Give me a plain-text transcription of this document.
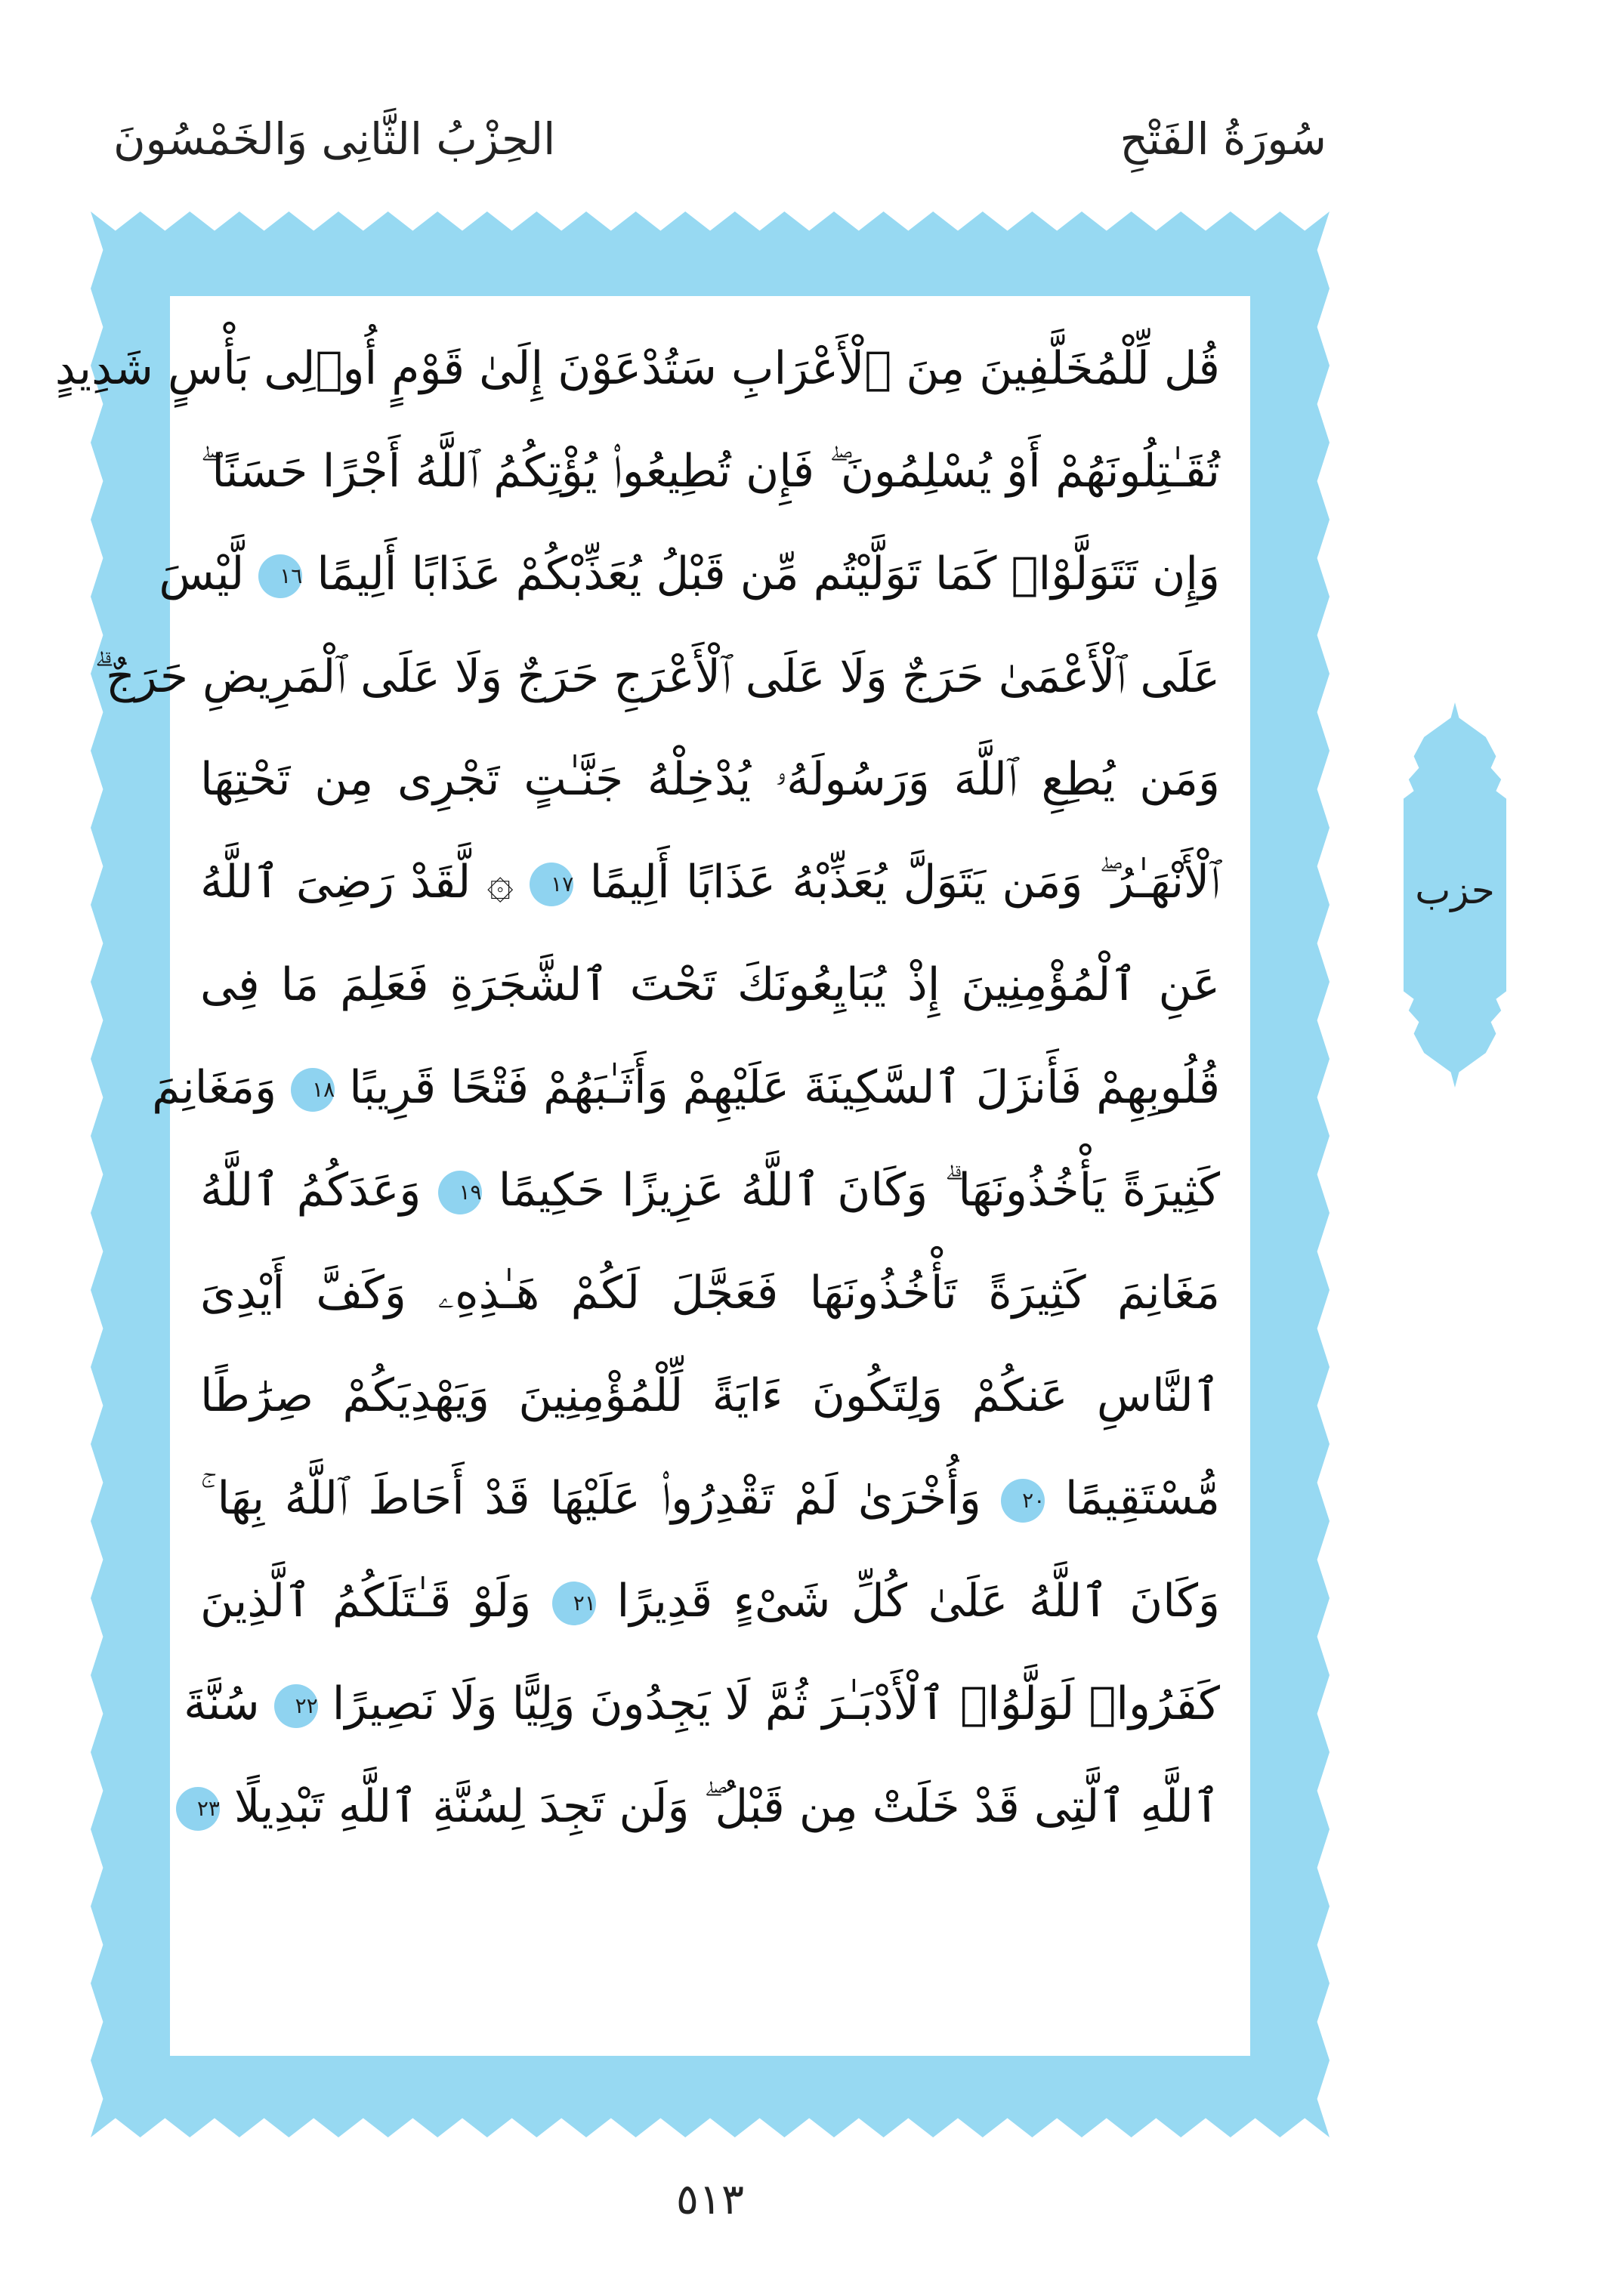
سُورَةُ الفَتْحِ
الحِزْبُ الثَّانِى وَالخَمْسُونَ
قُل لِّلْمُخَلَّفِينَ مِنَ ٱلْأَعْرَابِ سَتُدْعَوْنَ إِلَىٰ قَوْمٍ أُو۟لِى بَأْسٍ شَدِيدٍ
تُقَـٰتِلُونَهُمْ أَوْ يُسْلِمُونَ ۖ فَإِن تُطِيعُوا۟ يُؤْتِكُمُ ٱللَّهُ أَجْرًا حَسَنًا ۖ
وَإِن تَتَوَلَّوْا۟ كَمَا تَوَلَّيْتُم مِّن قَبْلُ يُعَذِّبْكُمْ عَذَابًا أَلِيمًا ١٦ لَّيْسَ
عَلَى ٱلْأَعْمَىٰ حَرَجٌ وَلَا عَلَى ٱلْأَعْرَجِ حَرَجٌ وَلَا عَلَى ٱلْمَرِيضِ حَرَجٌ ۗ
وَمَن يُطِعِ ٱللَّهَ وَرَسُولَهُۥ يُدْخِلْهُ جَنَّـٰتٍ تَجْرِى مِن تَحْتِهَا
ٱلْأَنْهَـٰرُ ۖ وَمَن يَتَوَلَّ يُعَذِّبْهُ عَذَابًا أَلِيمًا ١٧ ۞ لَّقَدْ رَضِىَ ٱللَّهُ
عَنِ ٱلْمُؤْمِنِينَ إِذْ يُبَايِعُونَكَ تَحْتَ ٱلشَّجَرَةِ فَعَلِمَ مَا فِى
قُلُوبِهِمْ فَأَنزَلَ ٱلسَّكِينَةَ عَلَيْهِمْ وَأَثَـٰبَهُمْ فَتْحًا قَرِيبًا ١٨ وَمَغَانِمَ
كَثِيرَةً يَأْخُذُونَهَا ۗ وَكَانَ ٱللَّهُ عَزِيزًا حَكِيمًا ١٩ وَعَدَكُمُ ٱللَّهُ
مَغَانِمَ كَثِيرَةً تَأْخُذُونَهَا فَعَجَّلَ لَكُمْ هَـٰذِهِۦ وَكَفَّ أَيْدِىَ
ٱلنَّاسِ عَنكُمْ وَلِتَكُونَ ءَايَةً لِّلْمُؤْمِنِينَ وَيَهْدِيَكُمْ صِرَٰطًا
مُّسْتَقِيمًا ٢٠ وَأُخْرَىٰ لَمْ تَقْدِرُوا۟ عَلَيْهَا قَدْ أَحَاطَ ٱللَّهُ بِهَا ۚ
وَكَانَ ٱللَّهُ عَلَىٰ كُلِّ شَىْءٍ قَدِيرًا ٢١ وَلَوْ قَـٰتَلَكُمُ ٱلَّذِينَ
كَفَرُوا۟ لَوَلَّوُا۟ ٱلْأَدْبَـٰرَ ثُمَّ لَا يَجِدُونَ وَلِيًّا وَلَا نَصِيرًا ٢٢ سُنَّةَ
ٱللَّهِ ٱلَّتِى قَدْ خَلَتْ مِن قَبْلُ ۖ وَلَن تَجِدَ لِسُنَّةِ ٱللَّهِ تَبْدِيلًا ٢٣
حزب
٥١٣
